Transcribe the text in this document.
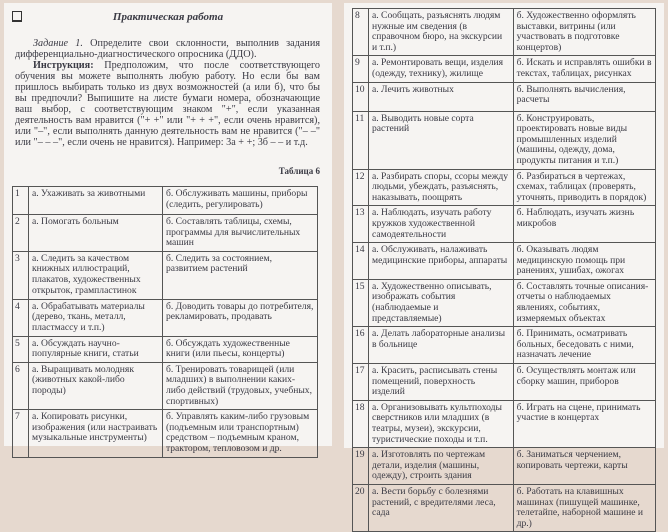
Практическая работа

Задание 1. Определите свои склонности, выполнив задания дифференциально-диагностического опросника (ДДО).

Инструкция: Предположим, что после соответствующего обучения вы можете выполнять любую работу. Но если бы вам пришлось выбирать только из двух возможностей (а или б), что бы вы предпочли? Выпишите на листе бумаги номера, обозначающие ваш выбор, с соответствующим знаком "+", если указанная деятельность вам нравится ("+ +" или "+ + +", если очень нравится), или "–", если выполнять данную деятельность вам не нравится ("– –" или "– – –", если очень не нравится). Например: 3а + +; 3б – – и т.д.

Таблица 6
1	а. Ухаживать за животными	б. Обслуживать машины, приборы (следить, регулировать)
2	а. Помогать больным	б. Составлять таблицы, схемы, программы для вычислительных машин
3	а. Следить за качеством книжных иллюстраций, плакатов, художественных открыток, грампластинок	б. Следить за состоянием, развитием растений
4	а. Обрабатывать материалы (дерево, ткань, металл, пластмассу и т.п.)	б. Доводить товары до потребителя, рекламировать, продавать
5	а. Обсуждать научно-популярные книги, статьи	б. Обсуждать художественные книги (или пьесы, концерты)
6	а. Выращивать молодняк (животных какой-либо породы)	б. Тренировать товарищей (или младших) в выполнении каких-либо действий (трудовых, учебных, спортивных)
7	а. Копировать рисунки, изображения (или настраивать музыкальные инструменты)	б. Управлять каким-либо грузовым (подъемным или транспортным) средством – подъемным краном, трактором, тепловозом и др.
8	а. Сообщать, разъяснять людям нужные им сведения (в справочном бюро, на экскурсии и т.п.)	б. Художественно оформлять выставки, витрины (или участвовать в подготовке концертов)
9	а. Ремонтировать вещи, изделия (одежду, технику), жилище	б. Искать и исправлять ошибки в текстах, таблицах, рисунках
10	а. Лечить животных	б. Выполнять вычисления, расчеты
11	а. Выводить новые сорта растений	б. Конструировать, проектировать новые виды промышленных изделий (машины, одежду, дома, продукты питания и т.п.)
12	а. Разбирать споры, ссоры между людьми, убеждать, разъяснять, наказывать, поощрять	б. Разбираться в чертежах, схемах, таблицах (проверять, уточнять, приводить в порядок)
13	а. Наблюдать, изучать работу кружков художественной самодеятельности	б. Наблюдать, изучать жизнь микробов
14	а. Обслуживать, налаживать медицинские приборы, аппараты	б. Оказывать людям медицинскую помощь при ранениях, ушибах, ожогах
15	а. Художественно описывать, изображать события (наблюдаемые и представляемые)	б. Составлять точные описания-отчеты о наблюдаемых явлениях, событиях, измеряемых объектах
16	а. Делать лабораторные анализы в больнице	б. Принимать, осматривать больных, беседовать с ними, назначать лечение
17	а. Красить, расписывать стены помещений, поверхность изделий	б. Осуществлять монтаж или сборку машин, приборов
18	а. Организовывать культпоходы сверстников или младших (в театры, музеи), экскурсии, туристические походы и т.п.	б. Играть на сцене, принимать участие в концертах
19	а. Изготовлять по чертежам детали, изделия (машины, одежду), строить здания	б. Заниматься черчением, копировать чертежи, карты
20	а. Вести борьбу с болезнями растений, с вредителями леса, сада	б. Работать на клавишных машинах (пишущей машинке, телетайпе, наборной машине и др.)
